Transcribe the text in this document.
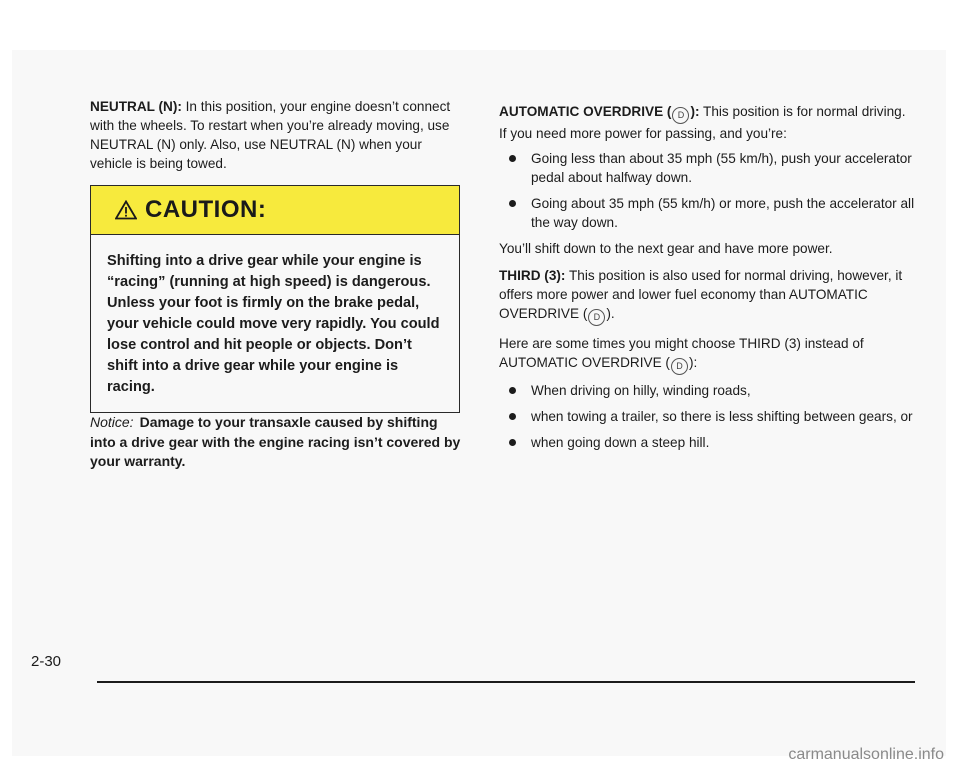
NEUTRAL (N): In this position, your engine doesn’t connect with the wheels. To restart when you’re already moving, use NEUTRAL (N) only. Also, use NEUTRAL (N) when your vehicle is being towed.

CAUTION:
Shifting into a drive gear while your engine is “racing” (running at high speed) is dangerous. Unless your foot is firmly on the brake pedal, your vehicle could move very rapidly. You could lose control and hit people or objects. Don’t shift into a drive gear while your engine is racing.

Notice: Damage to your transaxle caused by shifting into a drive gear with the engine racing isn’t covered by your warranty.

AUTOMATIC OVERDRIVE ( D ): This position is for normal driving. If you need more power for passing, and you’re:

Going less than about 35 mph (55 km/h), push your accelerator pedal about halfway down.
Going about 35 mph (55 km/h) or more, push the accelerator all the way down.

You’ll shift down to the next gear and have more power.

THIRD (3): This position is also used for normal driving, however, it offers more power and lower fuel economy than AUTOMATIC OVERDRIVE ( D ).

Here are some times you might choose THIRD (3) instead of AUTOMATIC OVERDRIVE ( D ):

When driving on hilly, winding roads,
when towing a trailer, so there is less shifting between gears, or
when going down a steep hill.
2-30
carmanualsonline.info
